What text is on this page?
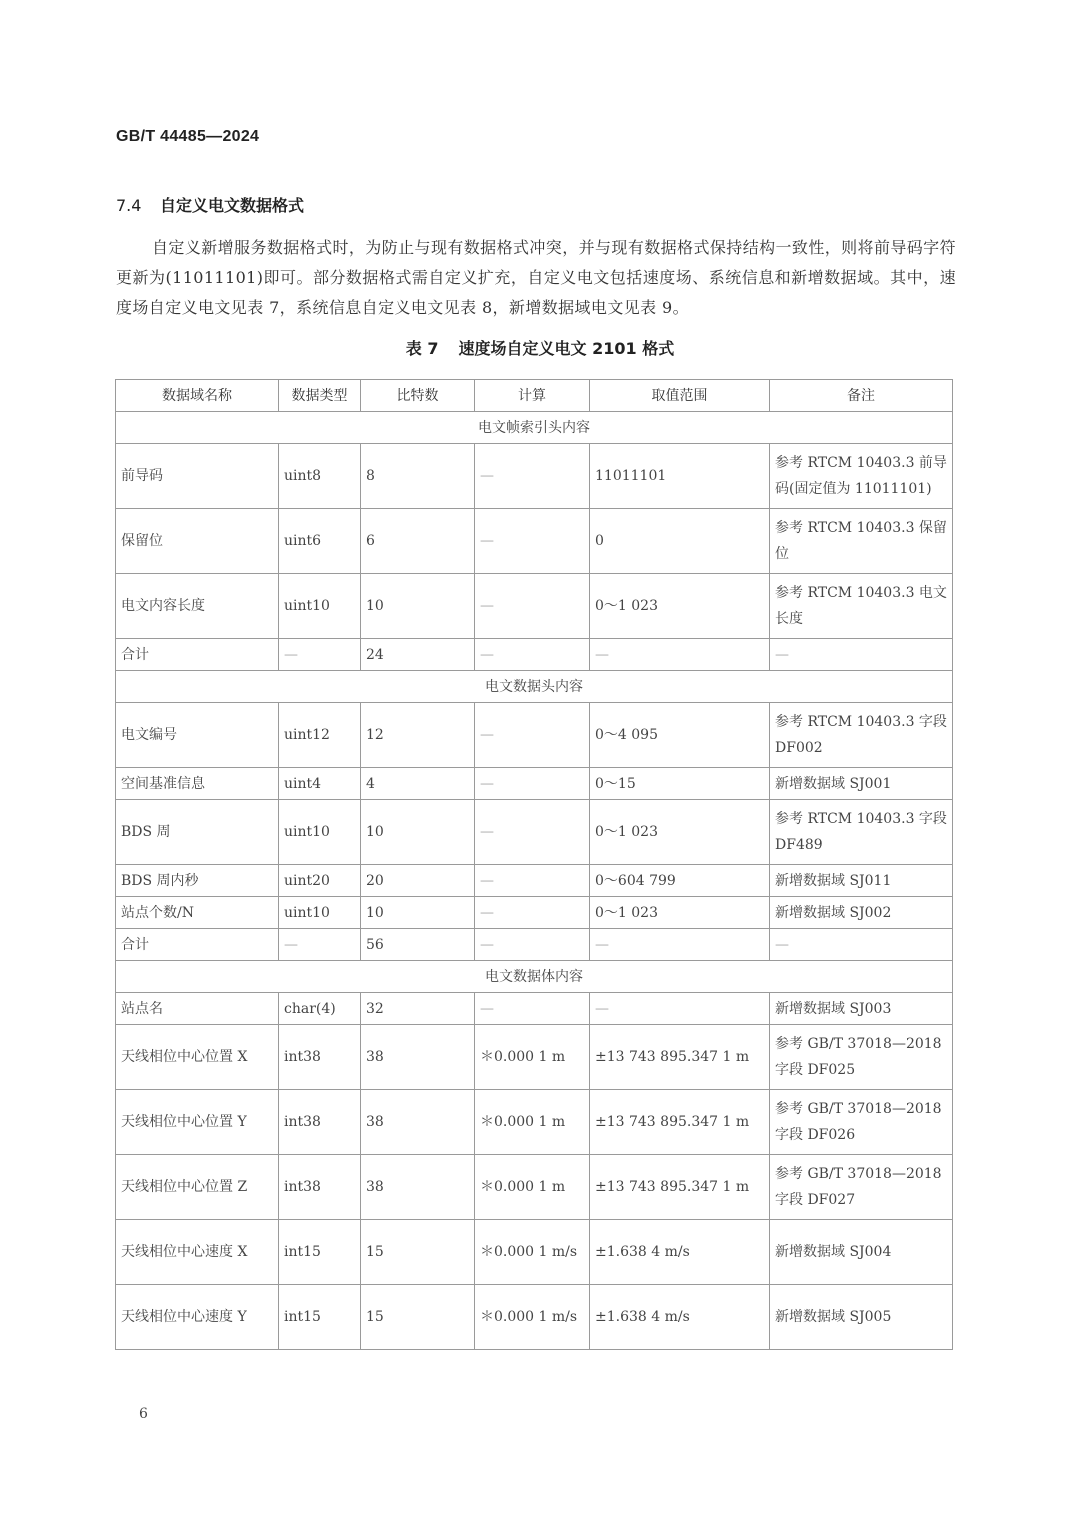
GB/T 44485—2024
7.4 自定义电文数据格式

自定义新增服务数据格式时，为防止与现有数据格式冲突，并与现有数据格式保持结构一致性，则将前导码字符更新为(11011101)即可。部分数据格式需自定义扩充，自定义电文包括速度场、系统信息和新增数据域。其中，速度场自定义电文见表 7，系统信息自定义电文见表 8，新增数据域电文见表 9。

表 7 速度场自定义电文 2101 格式
数据域名称	数据类型	比特数	计算	取值范围	备注
电文帧索引头内容					
前导码	uint8	8	—	11011101	参考 RTCM 10403.3 前导码(固定值为 11011101)
保留位	uint6	6	—	0	参考 RTCM 10403.3 保留位
电文内容长度	uint10	10	—	0～1 023	参考 RTCM 10403.3 电文长度
合计	—	24	—	—	—
电文数据头内容					
电文编号	uint12	12	—	0～4 095	参考 RTCM 10403.3 字段 DF002
空间基准信息	uint4	4	—	0～15	新增数据域 SJ001
BDS 周	uint10	10	—	0～1 023	参考 RTCM 10403.3 字段 DF489
BDS 周内秒	uint20	20	—	0～604 799	新增数据域 SJ011
站点个数/N	uint10	10	—	0～1 023	新增数据域 SJ002
合计	—	56	—	—	—
电文数据体内容					
站点名	char(4)	32	—	—	新增数据域 SJ003
天线相位中心位置 X	int38	38	＊0.000 1 m	±13 743 895.347 1 m	参考 GB/T 37018—2018 字段 DF025
天线相位中心位置 Y	int38	38	＊0.000 1 m	±13 743 895.347 1 m	参考 GB/T 37018—2018 字段 DF026
天线相位中心位置 Z	int38	38	＊0.000 1 m	±13 743 895.347 1 m	参考 GB/T 37018—2018 字段 DF027
天线相位中心速度 X	int15	15	＊0.000 1 m/s	±1.638 4 m/s	新增数据域 SJ004
天线相位中心速度 Y	int15	15	＊0.000 1 m/s	±1.638 4 m/s	新增数据域 SJ005
6
